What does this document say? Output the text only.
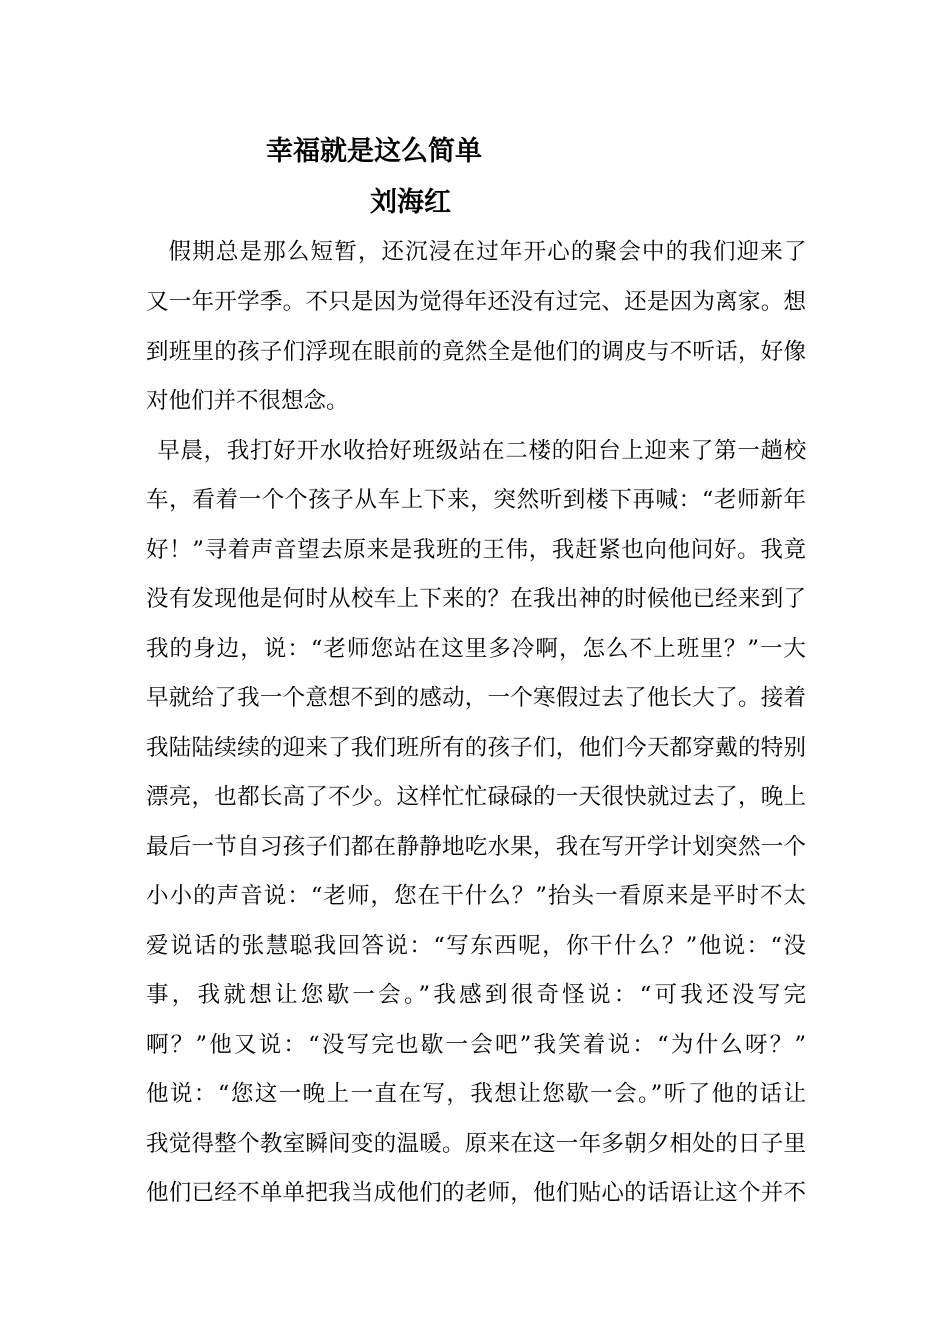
幸福就是这么简单
刘海红

假期总是那么短暂，还沉浸在过年开心的聚会中的我们迎来了

又一年开学季。不只是因为觉得年还没有过完、还是因为离家。想

到班里的孩子们浮现在眼前的竟然全是他们的调皮与不听话，好像

对他们并不很想念。

早晨，我打好开水收拾好班级站在二楼的阳台上迎来了第一趟校

车，看着一个个孩子从车上下来，突然听到楼下再喊：“老师新年

好！”寻着声音望去原来是我班的王伟，我赶紧也向他问好。我竟

没有发现他是何时从校车上下来的？在我出神的时候他已经来到了

我的身边，说：“老师您站在这里多冷啊，怎么不上班里？”一大

早就给了我一个意想不到的感动，一个寒假过去了他长大了。接着

我陆陆续续的迎来了我们班所有的孩子们，他们今天都穿戴的特别

漂亮，也都长高了不少。这样忙忙碌碌的一天很快就过去了，晚上

最后一节自习孩子们都在静静地吃水果，我在写开学计划突然一个

小小的声音说：“老师，您在干什么？”抬头一看原来是平时不太

爱说话的张慧聪我回答说：“写东西呢，你干什么？”他说：“没

事，我就想让您歇一会。”我感到很奇怪说：“可我还没写完

啊？”他又说：“没写完也歇一会吧”我笑着说：“为什么呀？”

他说：“您这一晚上一直在写，我想让您歇一会。”听了他的话让

我觉得整个教室瞬间变的温暖。原来在这一年多朝夕相处的日子里

他们已经不单单把我当成他们的老师，他们贴心的话语让这个并不
